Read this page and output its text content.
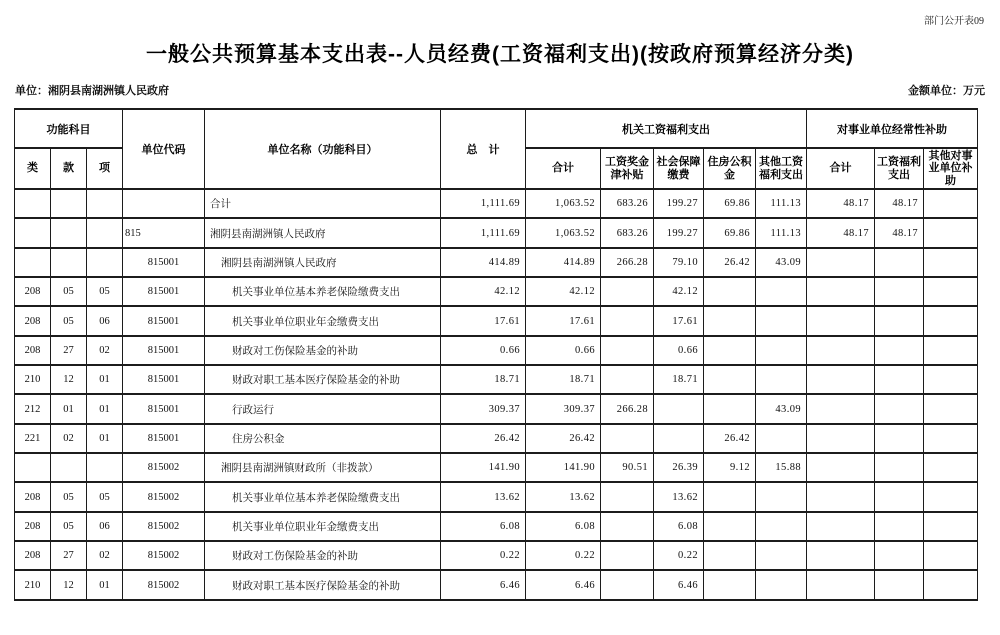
部门公开表09
一般公共预算基本支出表--人员经费(工资福利支出)(按政府预算经济分类)
单位：湘阴县南湖洲镇人民政府	金额单位：万元
功能科目			单位代码	单位名称（功能科目）	总　计	机关工资福利支出					对事业单位经常性补助		
类	款	项				合计	工资奖金津补贴	社会保障缴费	住房公积金	其他工资福利支出	合计	工资福利支出	其他对事业单位补助
				合计	1,111.69	1,063.52	683.26	199.27	69.86	111.13	48.17	48.17	
			815	湘阴县南湖洲镇人民政府	1,111.69	1,063.52	683.26	199.27	69.86	111.13	48.17	48.17	
			815001	湘阴县南湖洲镇人民政府	414.89	414.89	266.28	79.10	26.42	43.09			
208	05	05	815001	机关事业单位基本养老保险缴费支出	42.12	42.12		42.12					
208	05	06	815001	机关事业单位职业年金缴费支出	17.61	17.61		17.61					
208	27	02	815001	财政对工伤保险基金的补助	0.66	0.66		0.66					
210	12	01	815001	财政对职工基本医疗保险基金的补助	18.71	18.71		18.71					
212	01	01	815001	行政运行	309.37	309.37	266.28			43.09			
221	02	01	815001	住房公积金	26.42	26.42			26.42				
			815002	湘阴县南湖洲镇财政所（非拨款）	141.90	141.90	90.51	26.39	9.12	15.88			
208	05	05	815002	机关事业单位基本养老保险缴费支出	13.62	13.62		13.62					
208	05	06	815002	机关事业单位职业年金缴费支出	6.08	6.08		6.08					
208	27	02	815002	财政对工伤保险基金的补助	0.22	0.22		0.22					
210	12	01	815002	财政对职工基本医疗保险基金的补助	6.46	6.46		6.46					
